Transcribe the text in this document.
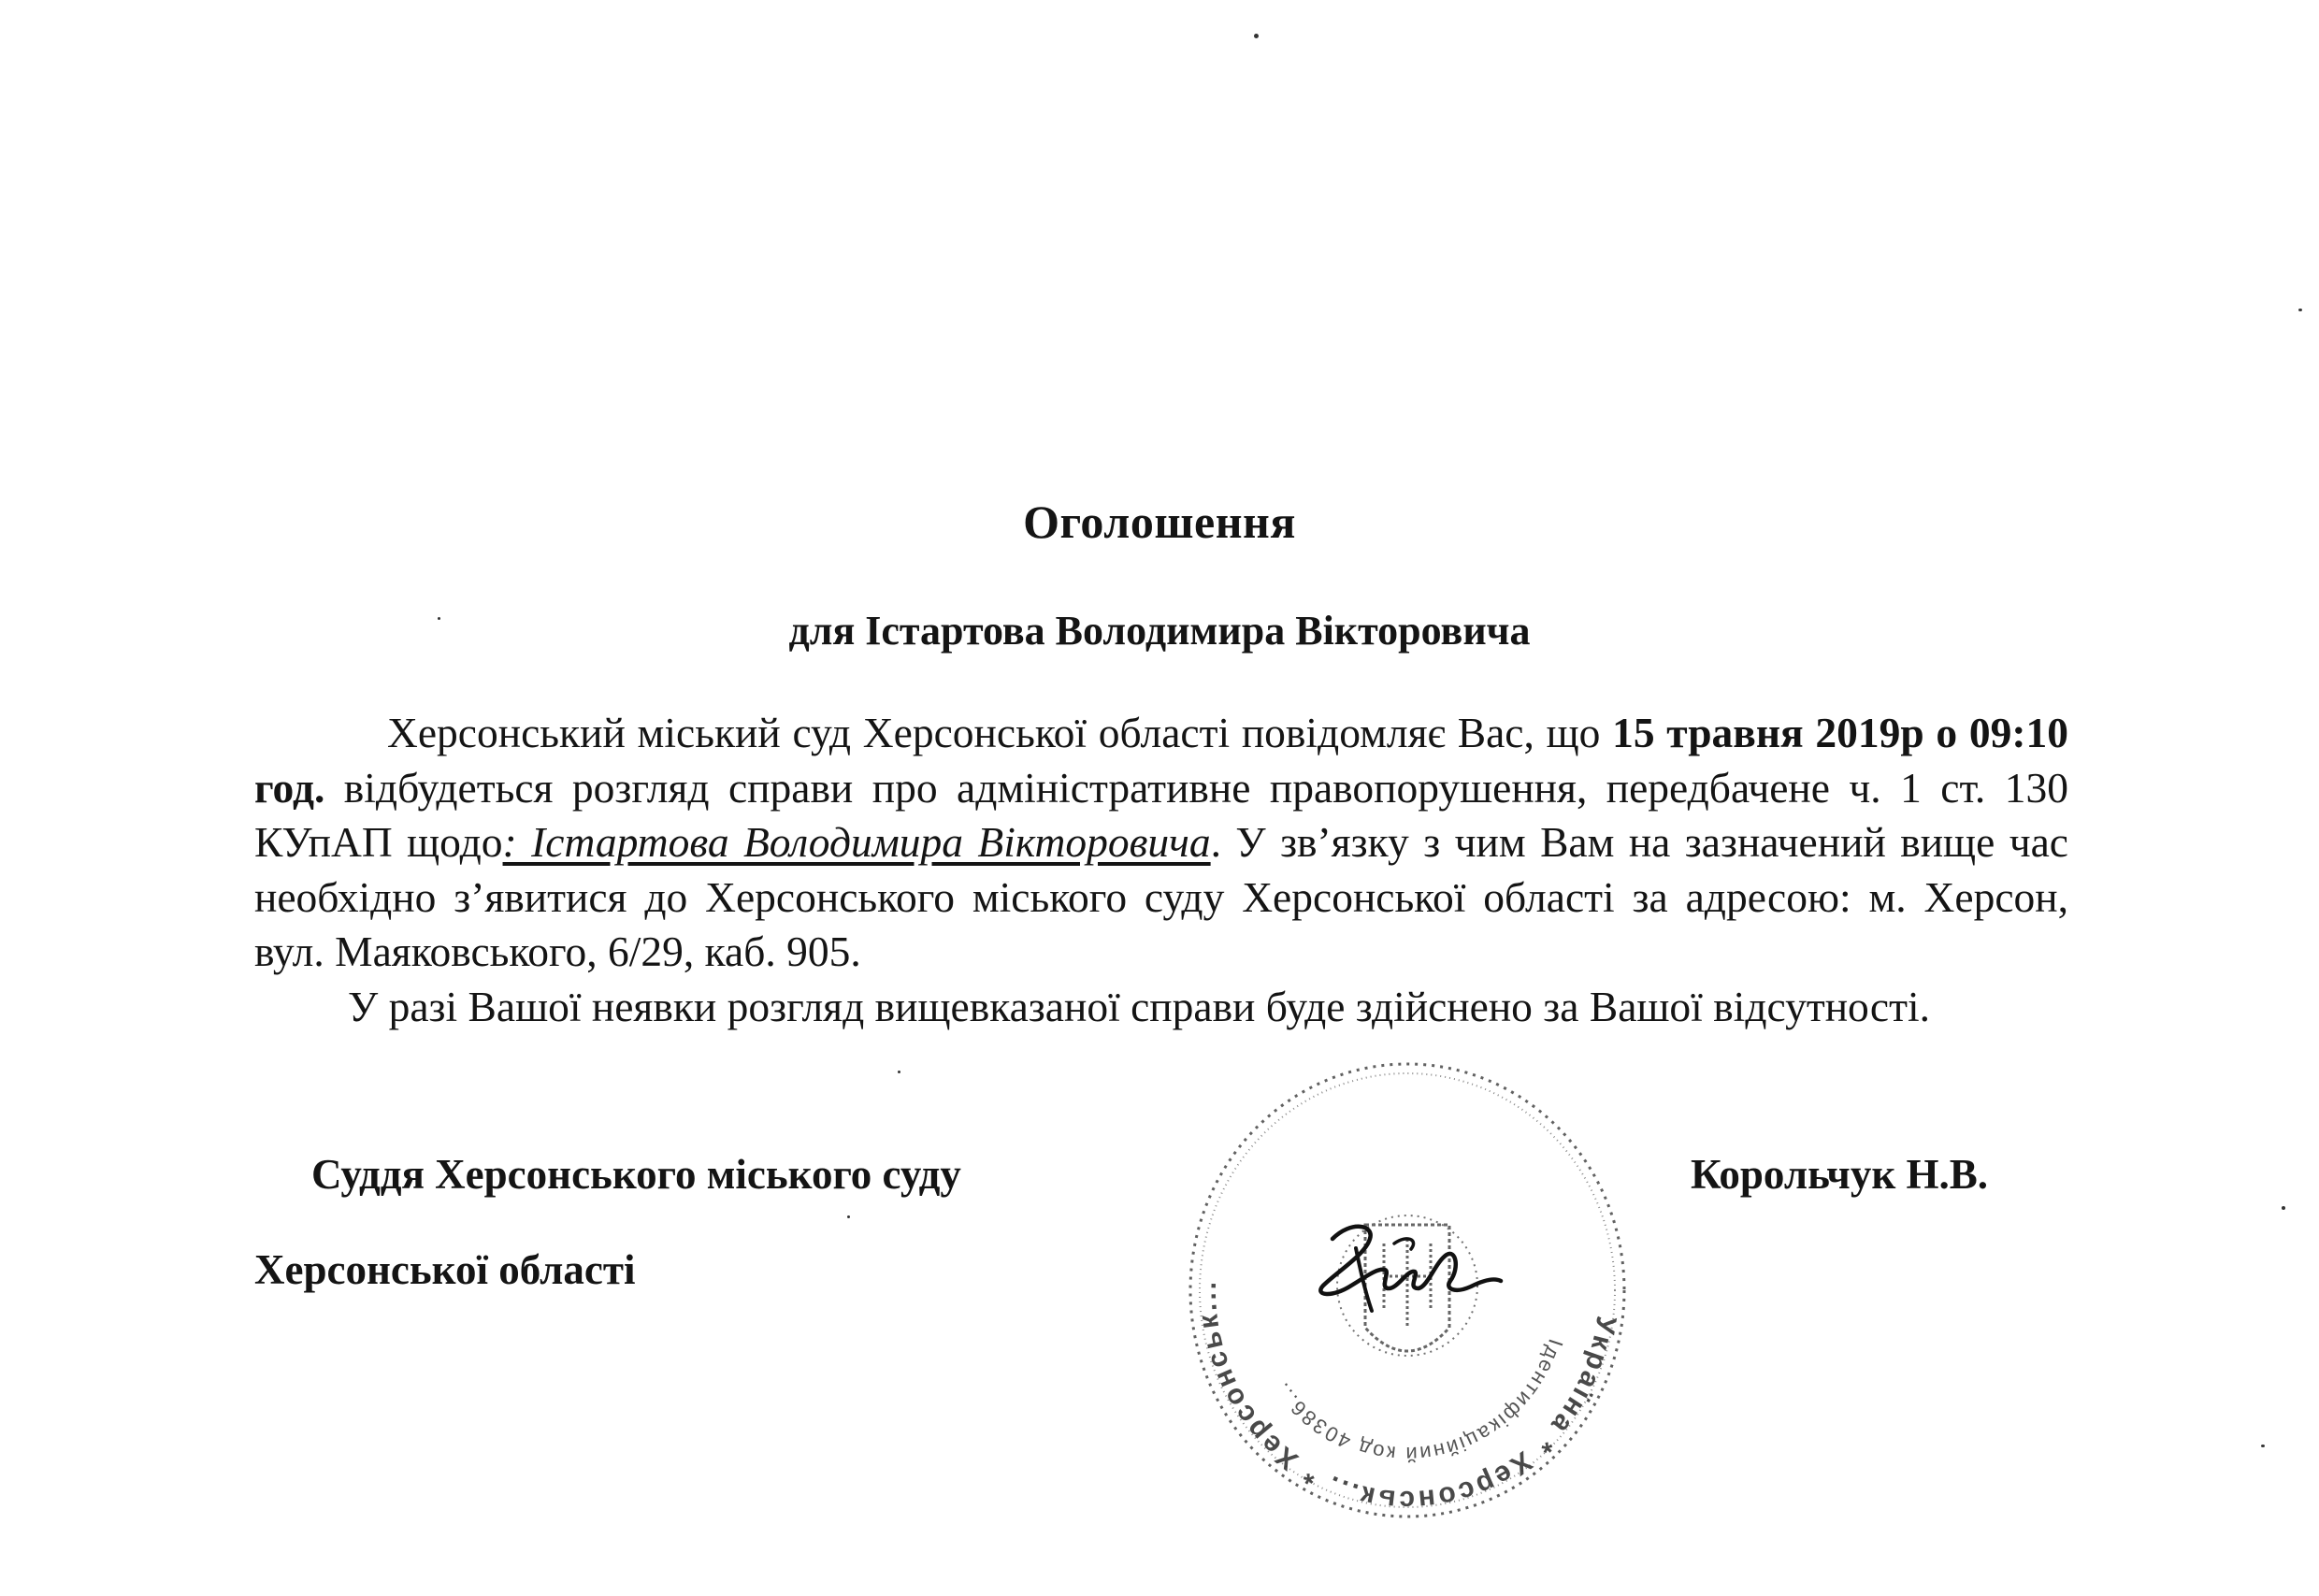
Оголошення
для Істартова Володимира Вікторовича

Херсонський міський суд Херсонської області повідомляє Вас, що 15 травня 2019р о 09:10 год. відбудеться розгляд справи про адміністративне правопорушення, передбачене ч. 1 ст. 130 КУпАП щодо: Істартова Володимира Вікторовича. У зв’язку з чим Вам на зазначений вище час необхідно з’явитися до Херсонського міського суду Херсонської області за адресою: м. Херсон, вул. Маяковського, 6/29, каб. 905.

У разі Вашої неявки розгляд вищевказаної справи буде здійснено за Вашої відсутності.

Суддя Херсонського міського суду
Херсонської області
Корольчук Н.В.
Україна * Херсонськ... * Херсонськ...
Ідентифікаційний код 40386...
